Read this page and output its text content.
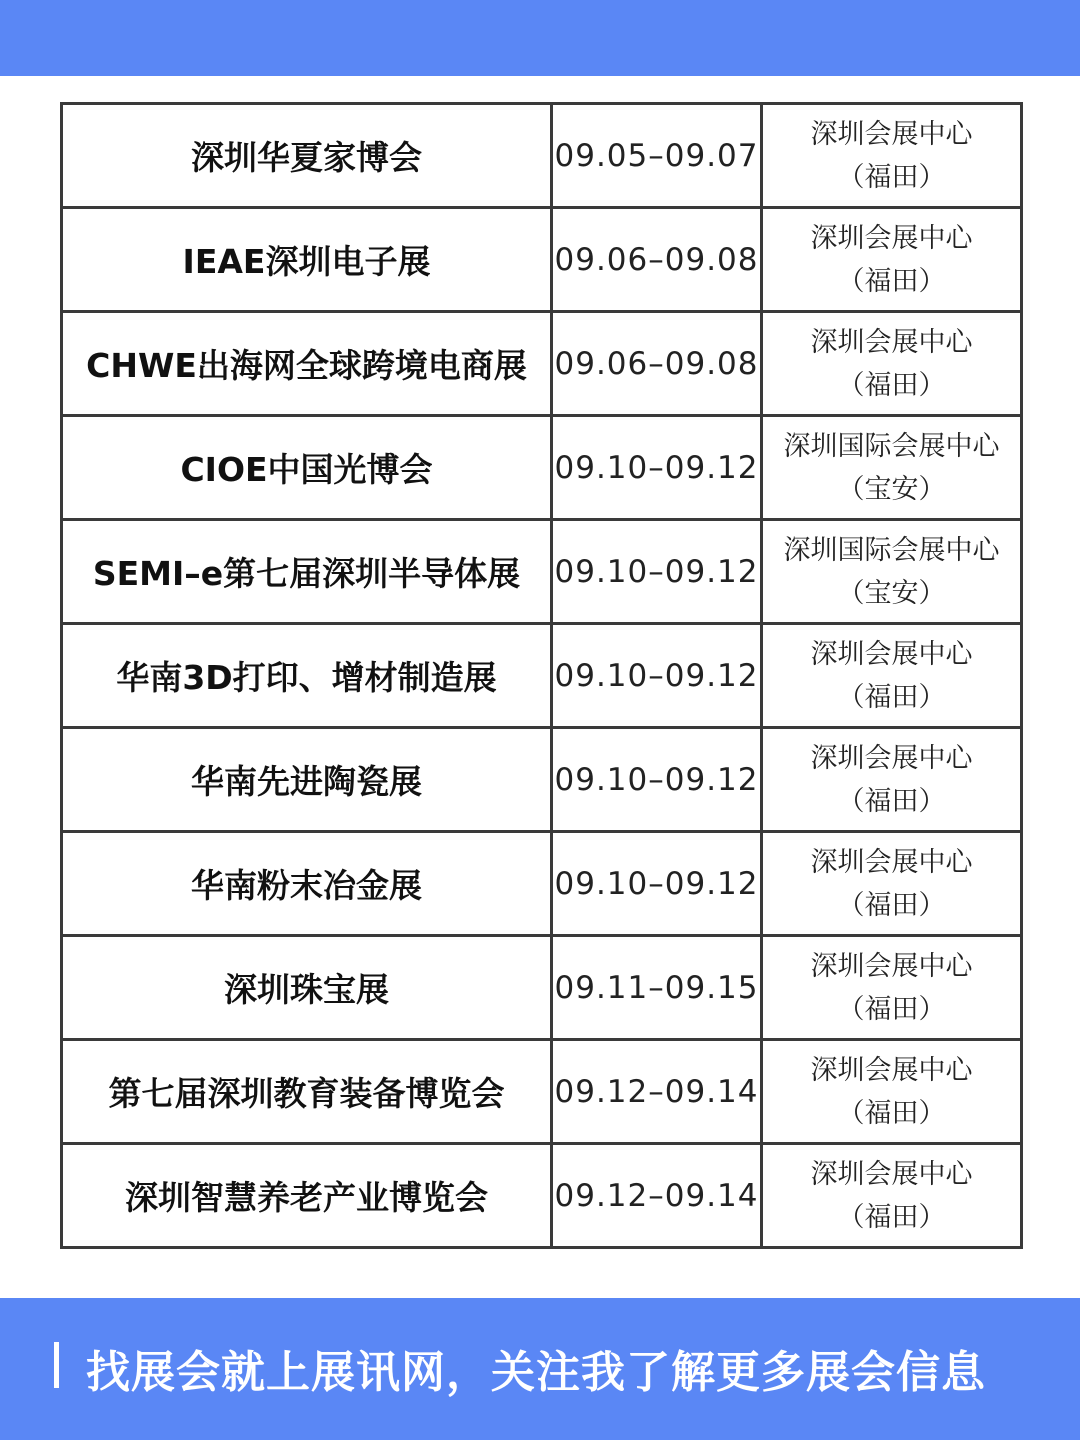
深圳华夏家博会	09.05–09.07	深圳会展中心
（福田）

IEAE深圳电子展	09.06–09.08	深圳会展中心
（福田）

CHWE出海网全球跨境电商展	09.06–09.08	深圳会展中心
（福田）

CIOE中国光博会	09.10–09.12	深圳国际会展中心
（宝安）

SEMI–e第七届深圳半导体展	09.10–09.12	深圳国际会展中心
（宝安）

华南3D打印、增材制造展	09.10–09.12	深圳会展中心
（福田）

华南先进陶瓷展	09.10–09.12	深圳会展中心
（福田）

华南粉末冶金展	09.10–09.12	深圳会展中心
（福田）

深圳珠宝展	09.11–09.15	深圳会展中心
（福田）

第七届深圳教育装备博览会	09.12–09.14	深圳会展中心
（福田）

深圳智慧养老产业博览会	09.12–09.14	深圳会展中心
（福田）
找展会就上展讯网，关注我了解更多展会信息
